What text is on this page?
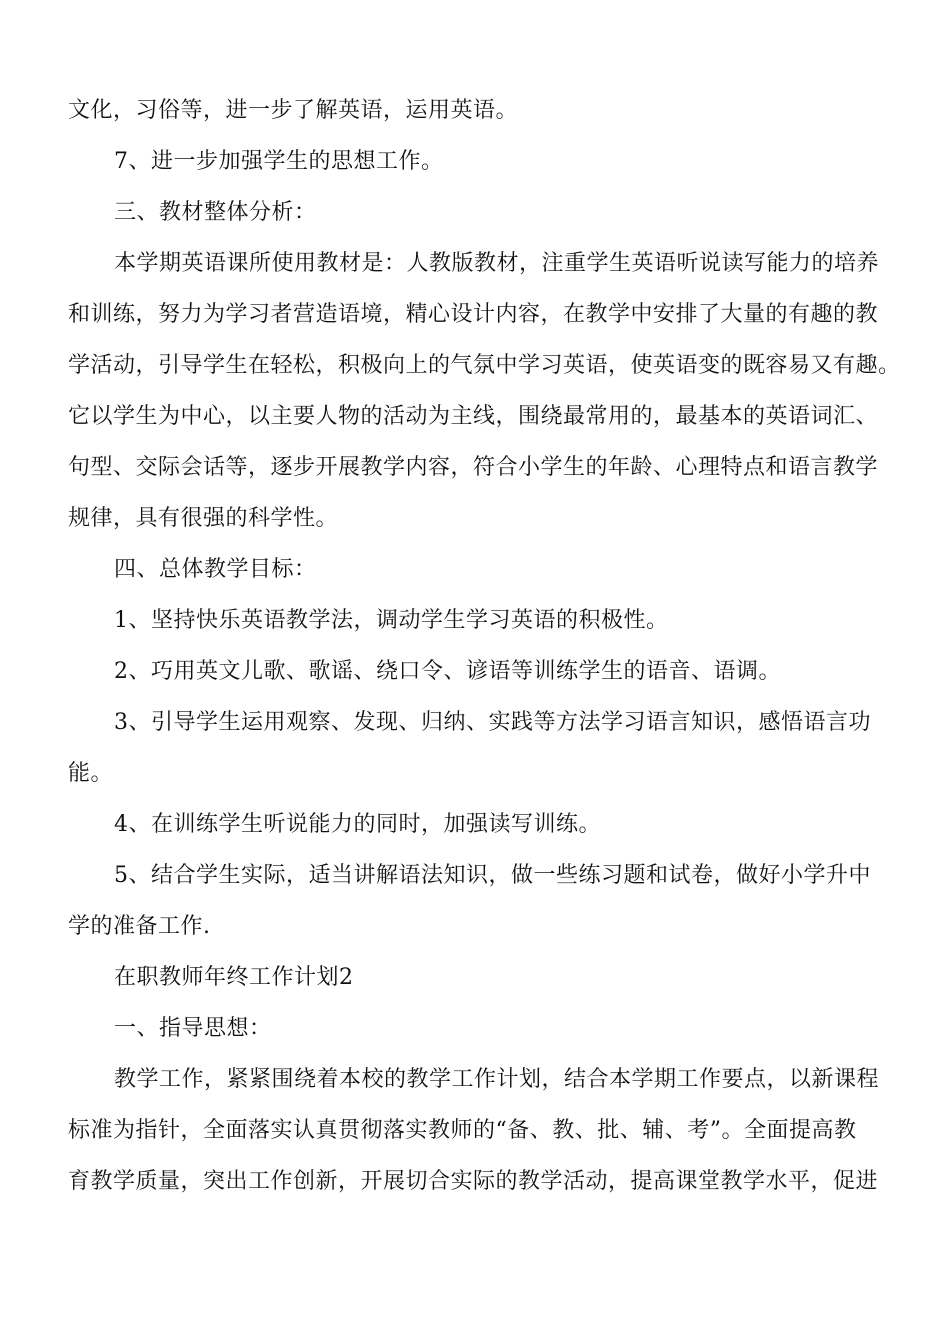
文化，习俗等，进一步了解英语，运用英语。

7、进一步加强学生的思想工作。

三、教材整体分析：

本学期英语课所使用教材是：人教版教材，注重学生英语听说读写能力的培养

和训练，努力为学习者营造语境，精心设计内容，在教学中安排了大量的有趣的教

学活动，引导学生在轻松，积极向上的气氛中学习英语，使英语变的既容易又有趣。

它以学生为中心，以主要人物的活动为主线，围绕最常用的，最基本的英语词汇、

句型、交际会话等，逐步开展教学内容，符合小学生的年龄、心理特点和语言教学

规律，具有很强的科学性。

四、总体教学目标：

1、坚持快乐英语教学法，调动学生学习英语的积极性。

2、巧用英文儿歌、歌谣、绕口令、谚语等训练学生的语音、语调。

3、引导学生运用观察、发现、归纳、实践等方法学习语言知识，感悟语言功

能。

4、在训练学生听说能力的同时，加强读写训练。

5、结合学生实际，适当讲解语法知识，做一些练习题和试卷，做好小学升中

学的准备工作.

在职教师年终工作计划2

一、指导思想：

教学工作，紧紧围绕着本校的教学工作计划，结合本学期工作要点，以新课程

标准为指针，全面落实认真贯彻落实教师的“备、教、批、辅、考”。全面提高教

育教学质量，突出工作创新，开展切合实际的教学活动，提高课堂教学水平，促进
